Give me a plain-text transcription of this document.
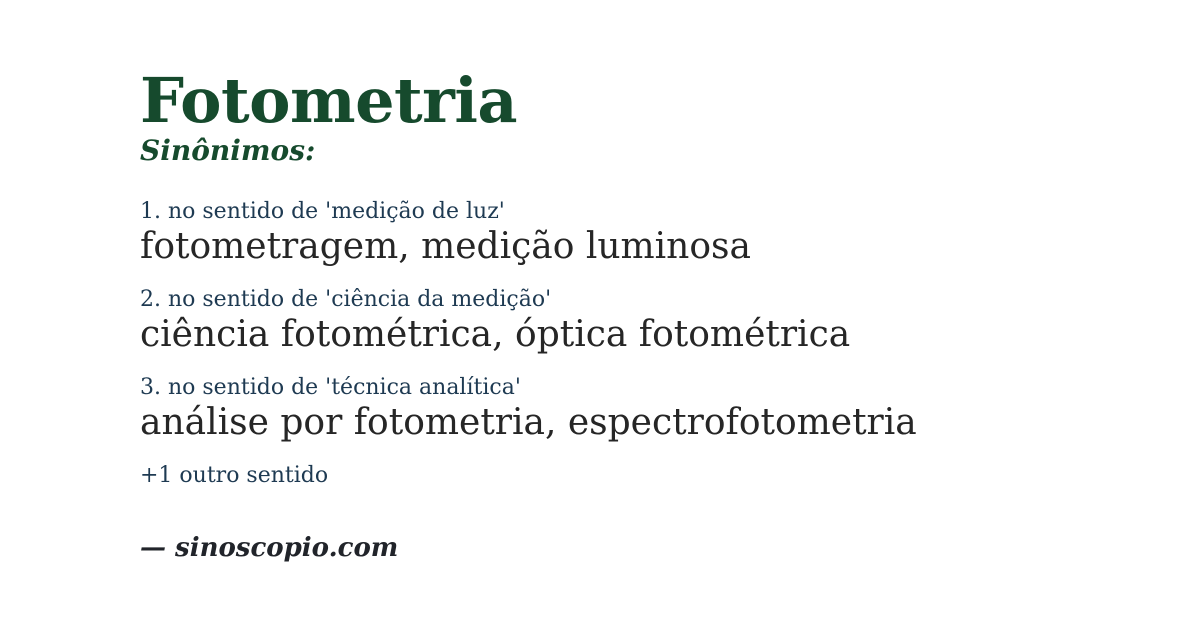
Fotometria
Sinônimos:
1. no sentido de 'medição de luz'
fotometragem, medição luminosa
2. no sentido de 'ciência da medição'
ciência fotométrica, óptica fotométrica
3. no sentido de 'técnica analítica'
análise por fotometria, espectrofotometria
+1 outro sentido
— sinoscopio.com
